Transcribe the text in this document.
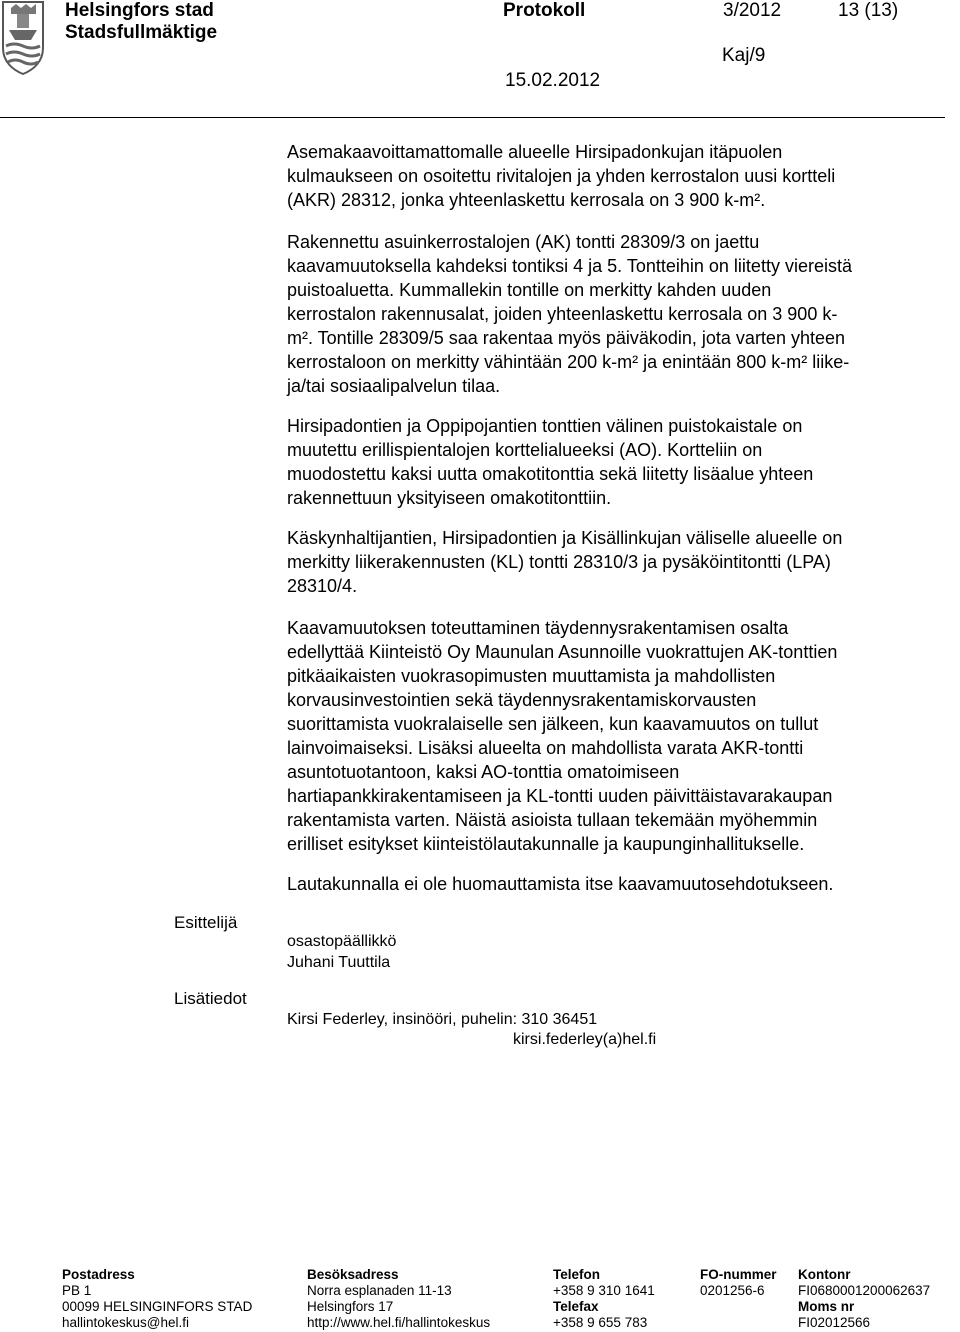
Helsingfors stad
Stadsfullmäktige
Protokoll	3/2012	13 (13)
Kaj/9
15.02.2012
Asemakaavoittamattomalle alueelle Hirsipadonkujan itäpuolen
kulmaukseen on osoitettu rivitalojen ja yhden kerrostalon uusi kortteli
(AKR) 28312, jonka yhteenlaskettu kerrosala on 3 900 k-m².
Rakennettu asuinkerrostalojen (AK) tontti 28309/3 on jaettu
kaavamuutoksella kahdeksi tontiksi 4 ja 5. Tontteihin on liitetty viereistä
puistoaluetta. Kummallekin tontille on merkitty kahden uuden
kerrostalon rakennusalat, joiden yhteenlaskettu kerrosala on 3 900 k-
m². Tontille 28309/5 saa rakentaa myös päiväkodin, jota varten yhteen
kerrostaloon on merkitty vähintään 200 k-m² ja enintään 800 k-m² liike-
ja/tai sosiaalipalvelun tilaa.
Hirsipadontien ja Oppipojantien tonttien välinen puistokaistale on
muutettu erillispientalojen korttelialueeksi (AO). Kortteliin on
muodostettu kaksi uutta omakotitonttia sekä liitetty lisäalue yhteen
rakennettuun yksityiseen omakotitonttiin.
Käskynhaltijantien, Hirsipadontien ja Kisällinkujan väliselle alueelle on
merkitty liikerakennusten (KL) tontti 28310/3 ja pysäköintitontti (LPA)
28310/4.
Kaavamuutoksen toteuttaminen täydennysrakentamisen osalta
edellyttää Kiinteistö Oy Maunulan Asunnoille vuokrattujen AK-tonttien
pitkäaikaisten vuokrasopimusten muuttamista ja mahdollisten
korvausinvestointien sekä täydennysrakentamiskorvausten
suorittamista vuokralaiselle sen jälkeen, kun kaavamuutos on tullut
lainvoimaiseksi. Lisäksi alueelta on mahdollista varata AKR-tontti
asuntotuotantoon, kaksi AO-tonttia omatoimiseen
hartiapankkirakentamiseen ja KL-tontti uuden päivittäistavarakaupan
rakentamista varten. Näistä asioista tullaan tekemään myöhemmin
erilliset esitykset kiinteistölautakunnalle ja kaupunginhallitukselle.
Lautakunnalla ei ole huomauttamista itse kaavamuutosehdotukseen.
Esittelijä
osastopäällikkö
Juhani Tuuttila
Lisätiedot
Kirsi Federley, insinööri, puhelin: 310 36451
kirsi.federley(a)hel.fi
Postadress
PB 1
00099 HELSINGINFORS STAD
hallintokeskus@hel.fi
Besöksadress
Norra esplanaden 11-13
Helsingfors 17
http://www.hel.fi/hallintokeskus
Telefon
+358 9 310 1641
Telefax
+358 9 655 783
FO-nummer
0201256-6
Kontonr
FI0680001200062637
Moms nr
FI02012566
